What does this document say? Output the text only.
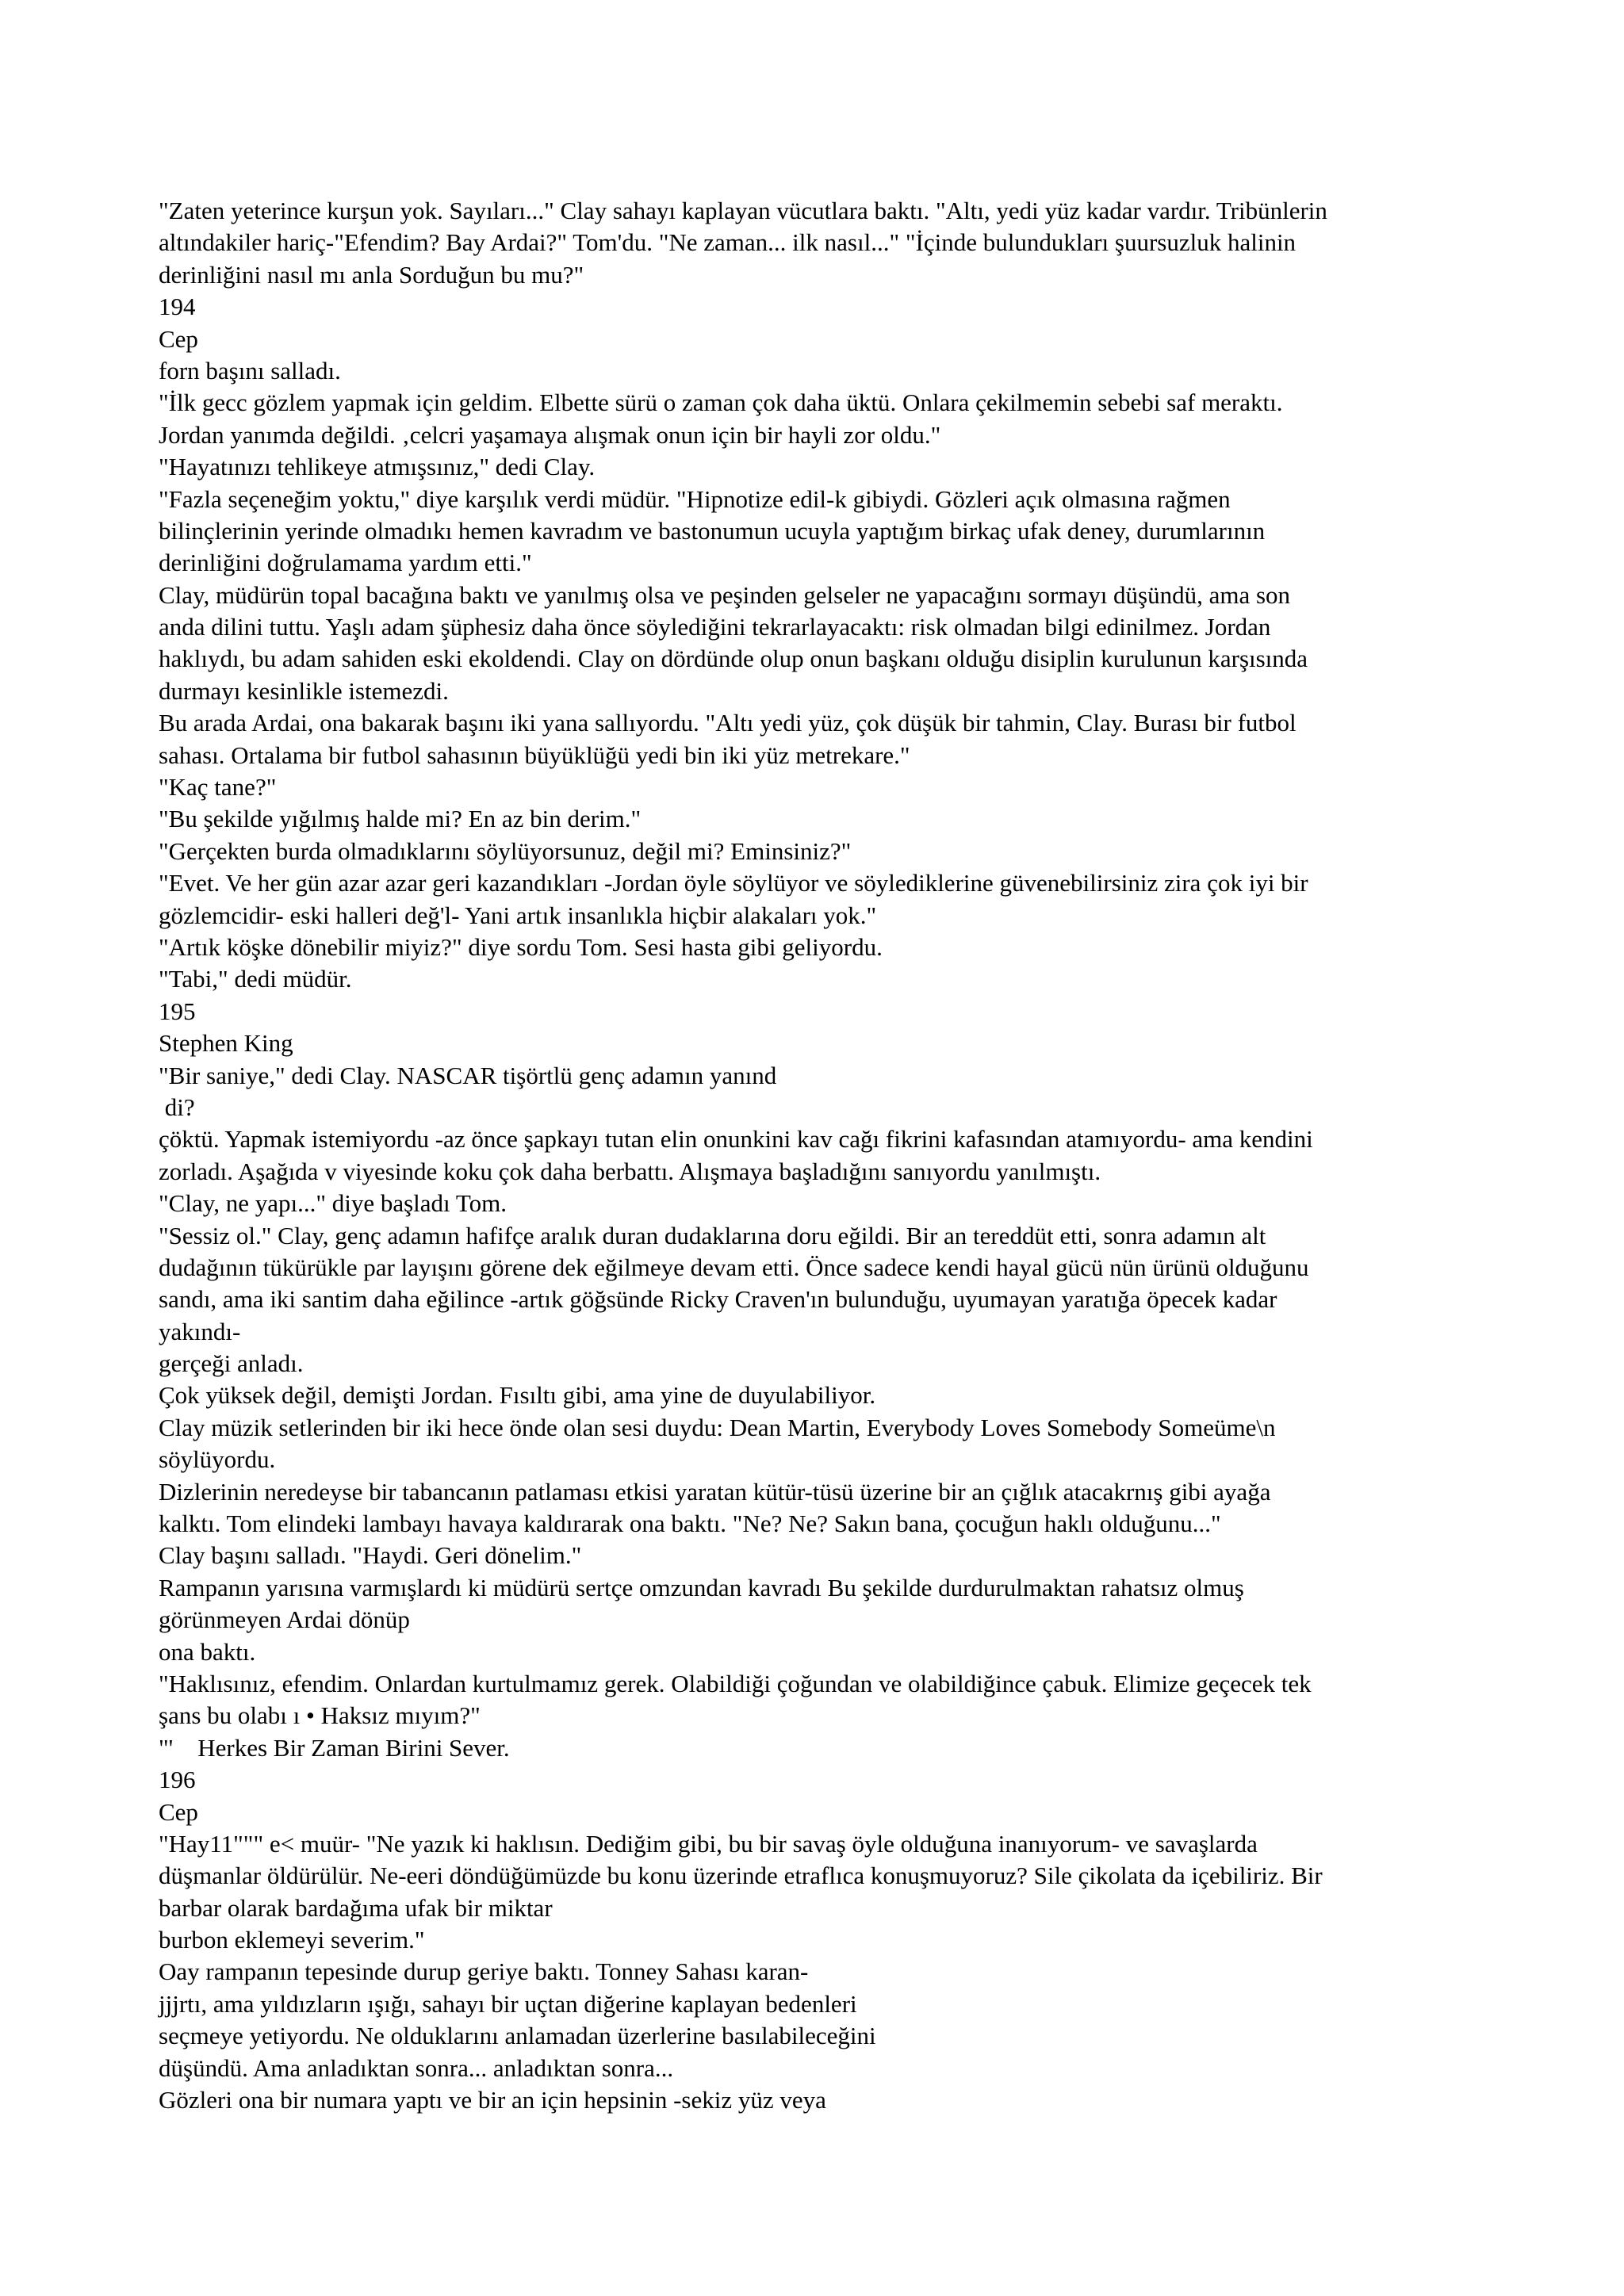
"Zaten yeterince kurşun yok. Sayıları..." Clay sahayı kaplayan vücutlara baktı. "Altı, yedi yüz kadar vardır. Tribünlerin
altındakiler hariç-"Efendim? Bay Ardai?" Tom'du. "Ne zaman... ilk nasıl..." "İçinde bulundukları şuursuzluk halinin
derinliğini nasıl mı anla Sorduğun bu mu?"
194
Cep
forn başını salladı.
"İlk gecc gözlem yapmak için geldim. Elbette sürü o zaman çok daha üktü. Onlara çekilmemin sebebi saf meraktı.
Jordan yanımda değildi. ‚celcri yaşamaya alışmak onun için bir hayli zor oldu."
"Hayatınızı tehlikeye atmışsınız," dedi Clay.
"Fazla seçeneğim yoktu," diye karşılık verdi müdür. "Hipnotize edil-k gibiydi. Gözleri açık olmasına rağmen
bilinçlerinin yerinde olmadıkı hemen kavradım ve bastonumun ucuyla yaptığım birkaç ufak deney, durumlarının
derinliğini doğrulamama yardım etti."
Clay, müdürün topal bacağına baktı ve yanılmış olsa ve peşinden gelseler ne yapacağını sormayı düşündü, ama son
anda dilini tuttu. Yaşlı adam şüphesiz daha önce söylediğini tekrarlayacaktı: risk olmadan bilgi edinilmez. Jordan
haklıydı, bu adam sahiden eski ekoldendi. Clay on dördünde olup onun başkanı olduğu disiplin kurulunun karşısında
durmayı kesinlikle istemezdi.
Bu arada Ardai, ona bakarak başını iki yana sallıyordu. "Altı yedi yüz, çok düşük bir tahmin, Clay. Burası bir futbol
sahası. Ortalama bir futbol sahasının büyüklüğü yedi bin iki yüz metrekare."
"Kaç tane?"
"Bu şekilde yığılmış halde mi? En az bin derim."
"Gerçekten burda olmadıklarını söylüyorsunuz, değil mi? Eminsiniz?"
"Evet. Ve her gün azar azar geri kazandıkları -Jordan öyle söylüyor ve söylediklerine güvenebilirsiniz zira çok iyi bir
gözlemcidir- eski halleri değ'l- Yani artık insanlıkla hiçbir alakaları yok."
"Artık köşke dönebilir miyiz?" diye sordu Tom. Sesi hasta gibi geliyordu.
"Tabi," dedi müdür.
195
Stephen King
"Bir saniye," dedi Clay. NASCAR tişörtlü genç adamın yanınd
di?
çöktü. Yapmak istemiyordu -az önce şapkayı tutan elin onunkini kav cağı fikrini kafasından atamıyordu- ama kendini
zorladı. Aşağıda v viyesinde koku çok daha berbattı. Alışmaya başladığını sanıyordu yanılmıştı.
"Clay, ne yapı..." diye başladı Tom.
"Sessiz ol." Clay, genç adamın hafifçe aralık duran dudaklarına doru eğildi. Bir an tereddüt etti, sonra adamın alt
dudağının tükürükle par layışını görene dek eğilmeye devam etti. Önce sadece kendi hayal gücü nün ürünü olduğunu
sandı, ama iki santim daha eğilince -artık göğsünde Ricky Craven'ın bulunduğu, uyumayan yaratığa öpecek kadar
yakındı-
gerçeği anladı.
Çok yüksek değil, demişti Jordan. Fısıltı gibi, ama yine de duyulabiliyor.
Clay müzik setlerinden bir iki hece önde olan sesi duydu: Dean Martin, Everybody Loves Somebody Someüme\n
söylüyordu.
Dizlerinin neredeyse bir tabancanın patlaması etkisi yaratan kütür-tüsü üzerine bir an çığlık atacakrnış gibi ayağa
kalktı. Tom elindeki lambayı havaya kaldırarak ona baktı. "Ne? Ne? Sakın bana, çocuğun haklı olduğunu..."
Clay başını salladı. "Haydi. Geri dönelim."
Rampanın yarısına varmışlardı ki müdürü sertçe omzundan kavradı Bu şekilde durdurulmaktan rahatsız olmuş
görünmeyen Ardai dönüp
ona baktı.
"Haklısınız, efendim. Onlardan kurtulmamız gerek. Olabildiği çoğundan ve olabildiğince çabuk. Elimize geçecek tek
şans bu olabı ı • Haksız mıyım?"
"'    Herkes Bir Zaman Birini Sever.
196
Cep
"Hay11""" e< muür- "Ne yazık ki haklısın. Dediğim gibi, bu bir savaş öyle olduğuna inanıyorum- ve savaşlarda
düşmanlar öldürülür. Ne-eeri döndüğümüzde bu konu üzerinde etraflıca konuşmuyoruz? Sile çikolata da içebiliriz. Bir
barbar olarak bardağıma ufak bir miktar
burbon eklemeyi severim."
Oay rampanın tepesinde durup geriye baktı. Tonney Sahası karan-
jjjrtı, ama yıldızların ışığı, sahayı bir uçtan diğerine kaplayan bedenleri
seçmeye yetiyordu. Ne olduklarını anlamadan üzerlerine basılabileceğini
düşündü. Ama anladıktan sonra... anladıktan sonra...
Gözleri ona bir numara yaptı ve bir an için hepsinin -sekiz yüz veya
